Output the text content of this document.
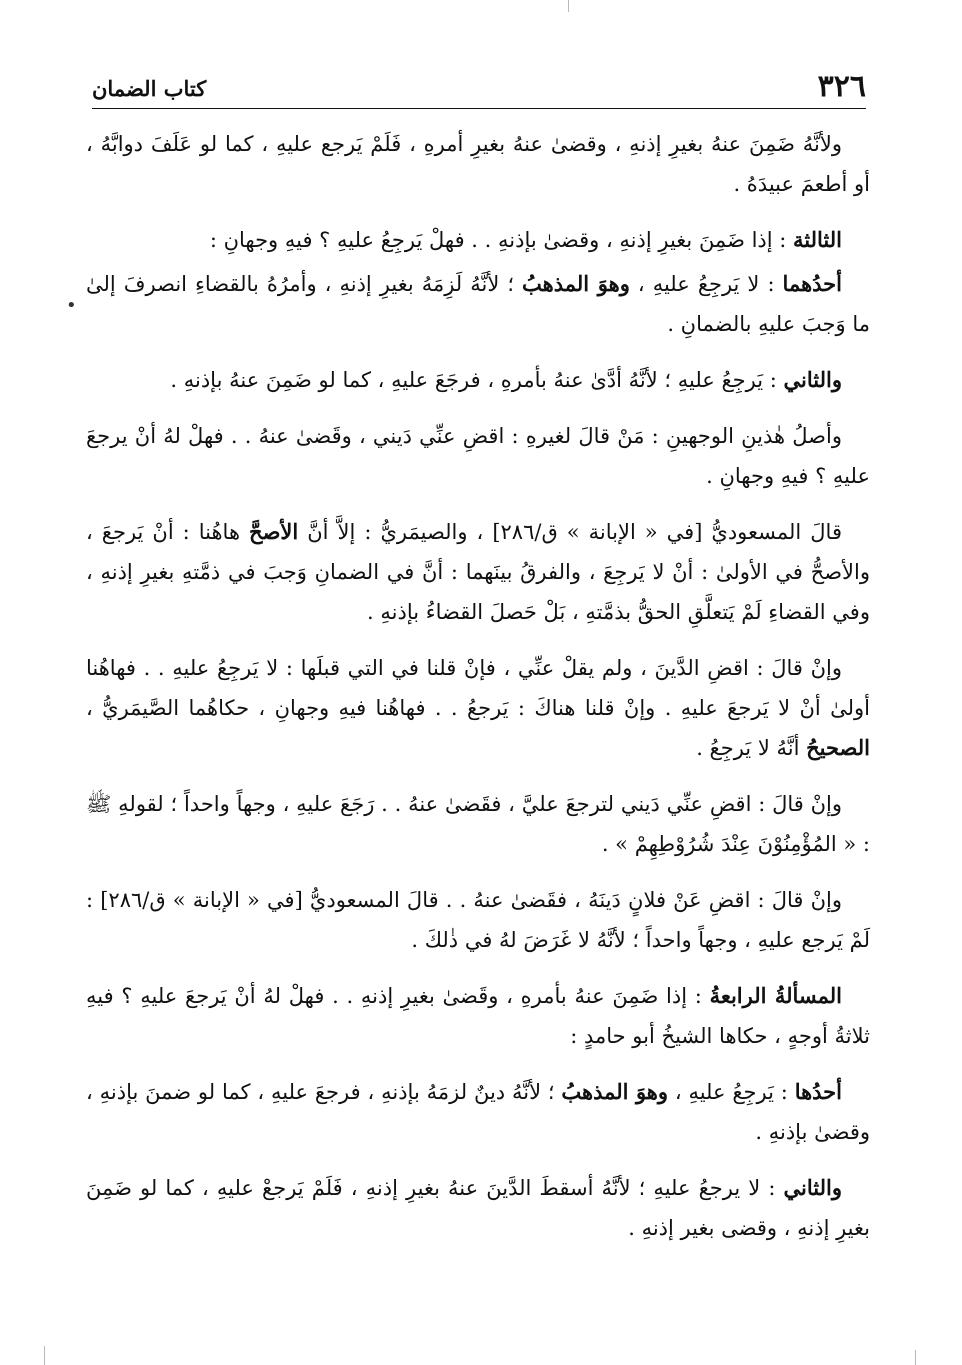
•
٣٢٦
كتاب الضمان

ولأنَّهُ ضَمِنَ عنهُ بغيرِ إذنهِ ، وقضىٰ عنهُ بغيرِ أمرهِ ، فَلَمْ يَرجع عليهِ ، كما لو عَلَفَ دوابَّهُ ، أو أطعمَ عبيدَهُ .

الثالثة : إذا ضَمِنَ بغيرِ إذنهِ ، وقضىٰ بإذنهِ . . فهلْ يَرجِعُ عليهِ ؟ فيهِ وجهانِ :

أحدُهما : لا يَرجِعُ عليهِ ، وهوَ المذهبُ ؛ لأنَّهُ لَزِمَهُ بغيرِ إذنهِ ، وأمرُهُ بالقضاءِ انصرفَ إلىٰ ما وَجبَ عليهِ بالضمانِ .

والثاني : يَرجِعُ عليهِ ؛ لأنَّهُ أدَّىٰ عنهُ بأمرهِ ، فرجَعَ عليهِ ، كما لو ضَمِنَ عنهُ بإذنهِ .

وأصلُ هٰذينِ الوجهينِ : مَنْ قالَ لغيرهِ : اقضِ عنِّي دَيني ، وقَضىٰ عنهُ . . فهلْ لهُ أنْ يرجعَ عليهِ ؟ فيهِ وجهانِ .

قالَ المسعوديُّ [في « الإبانة » ق/٢٨٦] ، والصيمَريُّ : إلاَّ أنَّ الأصحَّ هاهُنا : أنْ يَرجعَ ، والأصحُّ في الأولىٰ : أنْ لا يَرجِعَ ، والفرقُ بينَهما : أنَّ في الضمانِ وَجبَ في ذمَّتهِ بغيرِ إذنهِ ، وفي القضاءِ لَمْ يَتعلَّقِ الحقُّ بذمَّتهِ ، بَلْ حَصلَ القضاءُ بإذنهِ .

وإنْ قالَ : اقضِ الدَّينَ ، ولم يقلْ عنِّي ، فإنْ قلنا في التي قبلَها : لا يَرجِعُ عليهِ . . فهاهُنا أولىٰ أنْ لا يَرجعَ عليهِ . وإنْ قلنا هناكَ : يَرجعُ . . فهاهُنا فيهِ وجهانِ ، حكاهُما الصَّيمَريُّ ، الصحيحُ أنَّهُ لا يَرجِعُ .

وإنْ قالَ : اقضِ عنِّي دَيني لترجعَ عليَّ ، فقَضىٰ عنهُ . . رَجَعَ عليهِ ، وجهاً واحداً ؛ لقولهِ ﷺ : « المُؤْمِنُوْنَ عِنْدَ شُرُوْطِهِمْ » .

وإنْ قالَ : اقضِ عَنْ فلانٍ دَينَهُ ، فقَضىٰ عنهُ . . قالَ المسعوديُّ [في « الإبانة » ق/٢٨٦] : لَمْ يَرجع عليهِ ، وجهاً واحداً ؛ لأنَّهُ لا غَرَضَ لهُ في ذٰلكَ .

المسألةُ الرابعةُ : إذا ضَمِنَ عنهُ بأمرهِ ، وقَضىٰ بغيرِ إذنهِ . . فهلْ لهُ أنْ يَرجعَ عليهِ ؟ فيهِ ثلاثةُ أوجهٍ ، حكاها الشيخُ أبو حامدٍ :

أحدُها : يَرجِعُ عليهِ ، وهوَ المذهبُ ؛ لأنَّهُ دينٌ لزمَهُ بإذنهِ ، فرجعَ عليهِ ، كما لو ضمنَ بإذنهِ ، وقضىٰ بإذنهِ .

والثاني : لا يرجعُ عليهِ ؛ لأنَّهُ أسقطَ الدَّينَ عنهُ بغيرِ إذنهِ ، فَلَمْ يَرجعْ عليهِ ، كما لو ضَمِنَ بغيرِ إذنهِ ، وقضى بغير إذنهِ .
